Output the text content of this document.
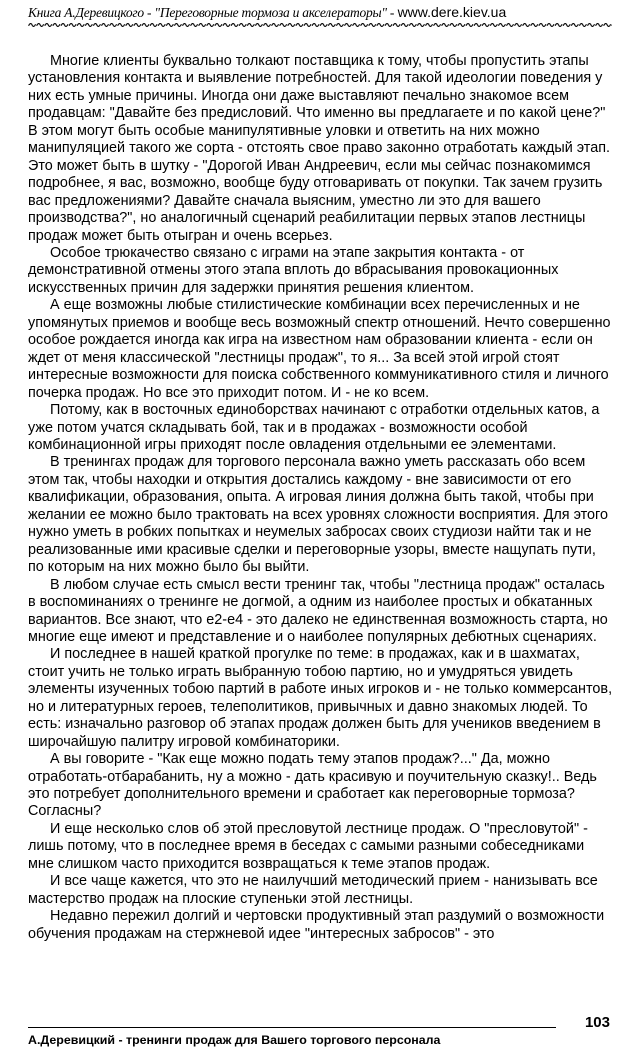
Книга А.Деревицкого - "Переговорные тормоза и акселераторы" - www.dere.kiev.ua

Многие клиенты буквально толкают поставщика к тому, чтобы пропустить этапы установления контакта и выявление потребностей. Для такой идеологии поведения у них есть умные причины. Иногда они даже выставляют печально знакомое всем продавцам: "Давайте без предисловий. Что именно вы предлагаете и по какой цене?" В этом могут быть особые манипулятивные уловки и ответить на них можно манипуляцией такого же сорта - отстоять свое право законно отработать каждый этап. Это может быть в шутку - "Дорогой Иван Андреевич, если мы сейчас познакомимся подробнее, я вас, возможно, вообще буду отговаривать от покупки. Так зачем грузить вас предложениями? Давайте сначала выясним, уместно ли это для вашего производства?", но аналогичный сценарий реабилитации первых этапов лестницы продаж может быть отыгран и очень всерьез.

Особое трюкачество связано с играми на этапе закрытия контакта - от демонстративной отмены этого этапа вплоть до вбрасывания провокационных искусственных причин для задержки принятия решения клиентом.

А еще возможны любые стилистические комбинации всех перечисленных и не упомянутых приемов и вообще весь возможный спектр отношений. Нечто совершенно особое рождается иногда как игра на известном нам образовании клиента - если он ждет от меня классической "лестницы продаж", то я... За всей этой игрой стоят интересные возможности для поиска собственного коммуникативного стиля и личного почерка продаж. Но все это приходит потом. И - не ко всем.

Потому, как в восточных единоборствах начинают с отработки отдельных катов, а уже потом учатся складывать бой, так и в продажах - возможности особой комбинационной игры приходят после овладения отдельными ее элементами.

В тренингах продаж для торгового персонала важно уметь рассказать обо всем этом так, чтобы находки и открытия достались каждому - вне зависимости от его квалификации, образования, опыта. А игровая линия должна быть такой, чтобы при желании ее можно было трактовать на всех уровнях сложности восприятия. Для этого нужно уметь в робких попытках и неумелых забросах своих студиози найти так и не реализованные ими красивые сделки и переговорные узоры, вместе нащупать пути, по которым на них можно было бы выйти.

В любом случае есть смысл вести тренинг так, чтобы "лестница продаж" осталась в воспоминаниях о тренинге не догмой, а одним из наиболее простых и обкатанных вариантов. Все знают, что е2-е4 - это далеко не единственная возможность старта, но многие еще имеют и представление и о наиболее популярных дебютных сценариях.

И последнее в нашей краткой прогулке по теме: в продажах, как и в шахматах, стоит учить не только играть выбранную тобою партию, но и умудряться увидеть элементы изученных тобою партий в работе иных игроков и - не только коммерсантов, но и литературных героев, телеполитиков, привычных и давно знакомых людей. То есть: изначально разговор об этапах продаж должен быть для учеников введением в широчайшую палитру игровой комбинаторики.

А вы говорите - "Как еще можно подать тему этапов продаж?..." Да, можно отработать-отбарабанить, ну а можно - дать красивую и поучительную сказку!.. Ведь это потребует дополнительного времени и сработает как переговорные тормоза? Согласны?

И еще несколько слов об этой пресловутой лестнице продаж. О "пресловутой" - лишь потому, что в последнее время в беседах с самыми разными собеседниками мне слишком часто приходится возвращаться к теме этапов продаж.

И все чаще кажется, что это не наилучший методический прием - нанизывать все мастерство продаж на плоские ступеньки этой лестницы.

Недавно пережил долгий и чертовски продуктивный этап раздумий о возможности обучения продажам на стержневой идее "интересных забросов" - это

103
А.Деревицкий - тренинги продаж для Вашего торгового персонала
